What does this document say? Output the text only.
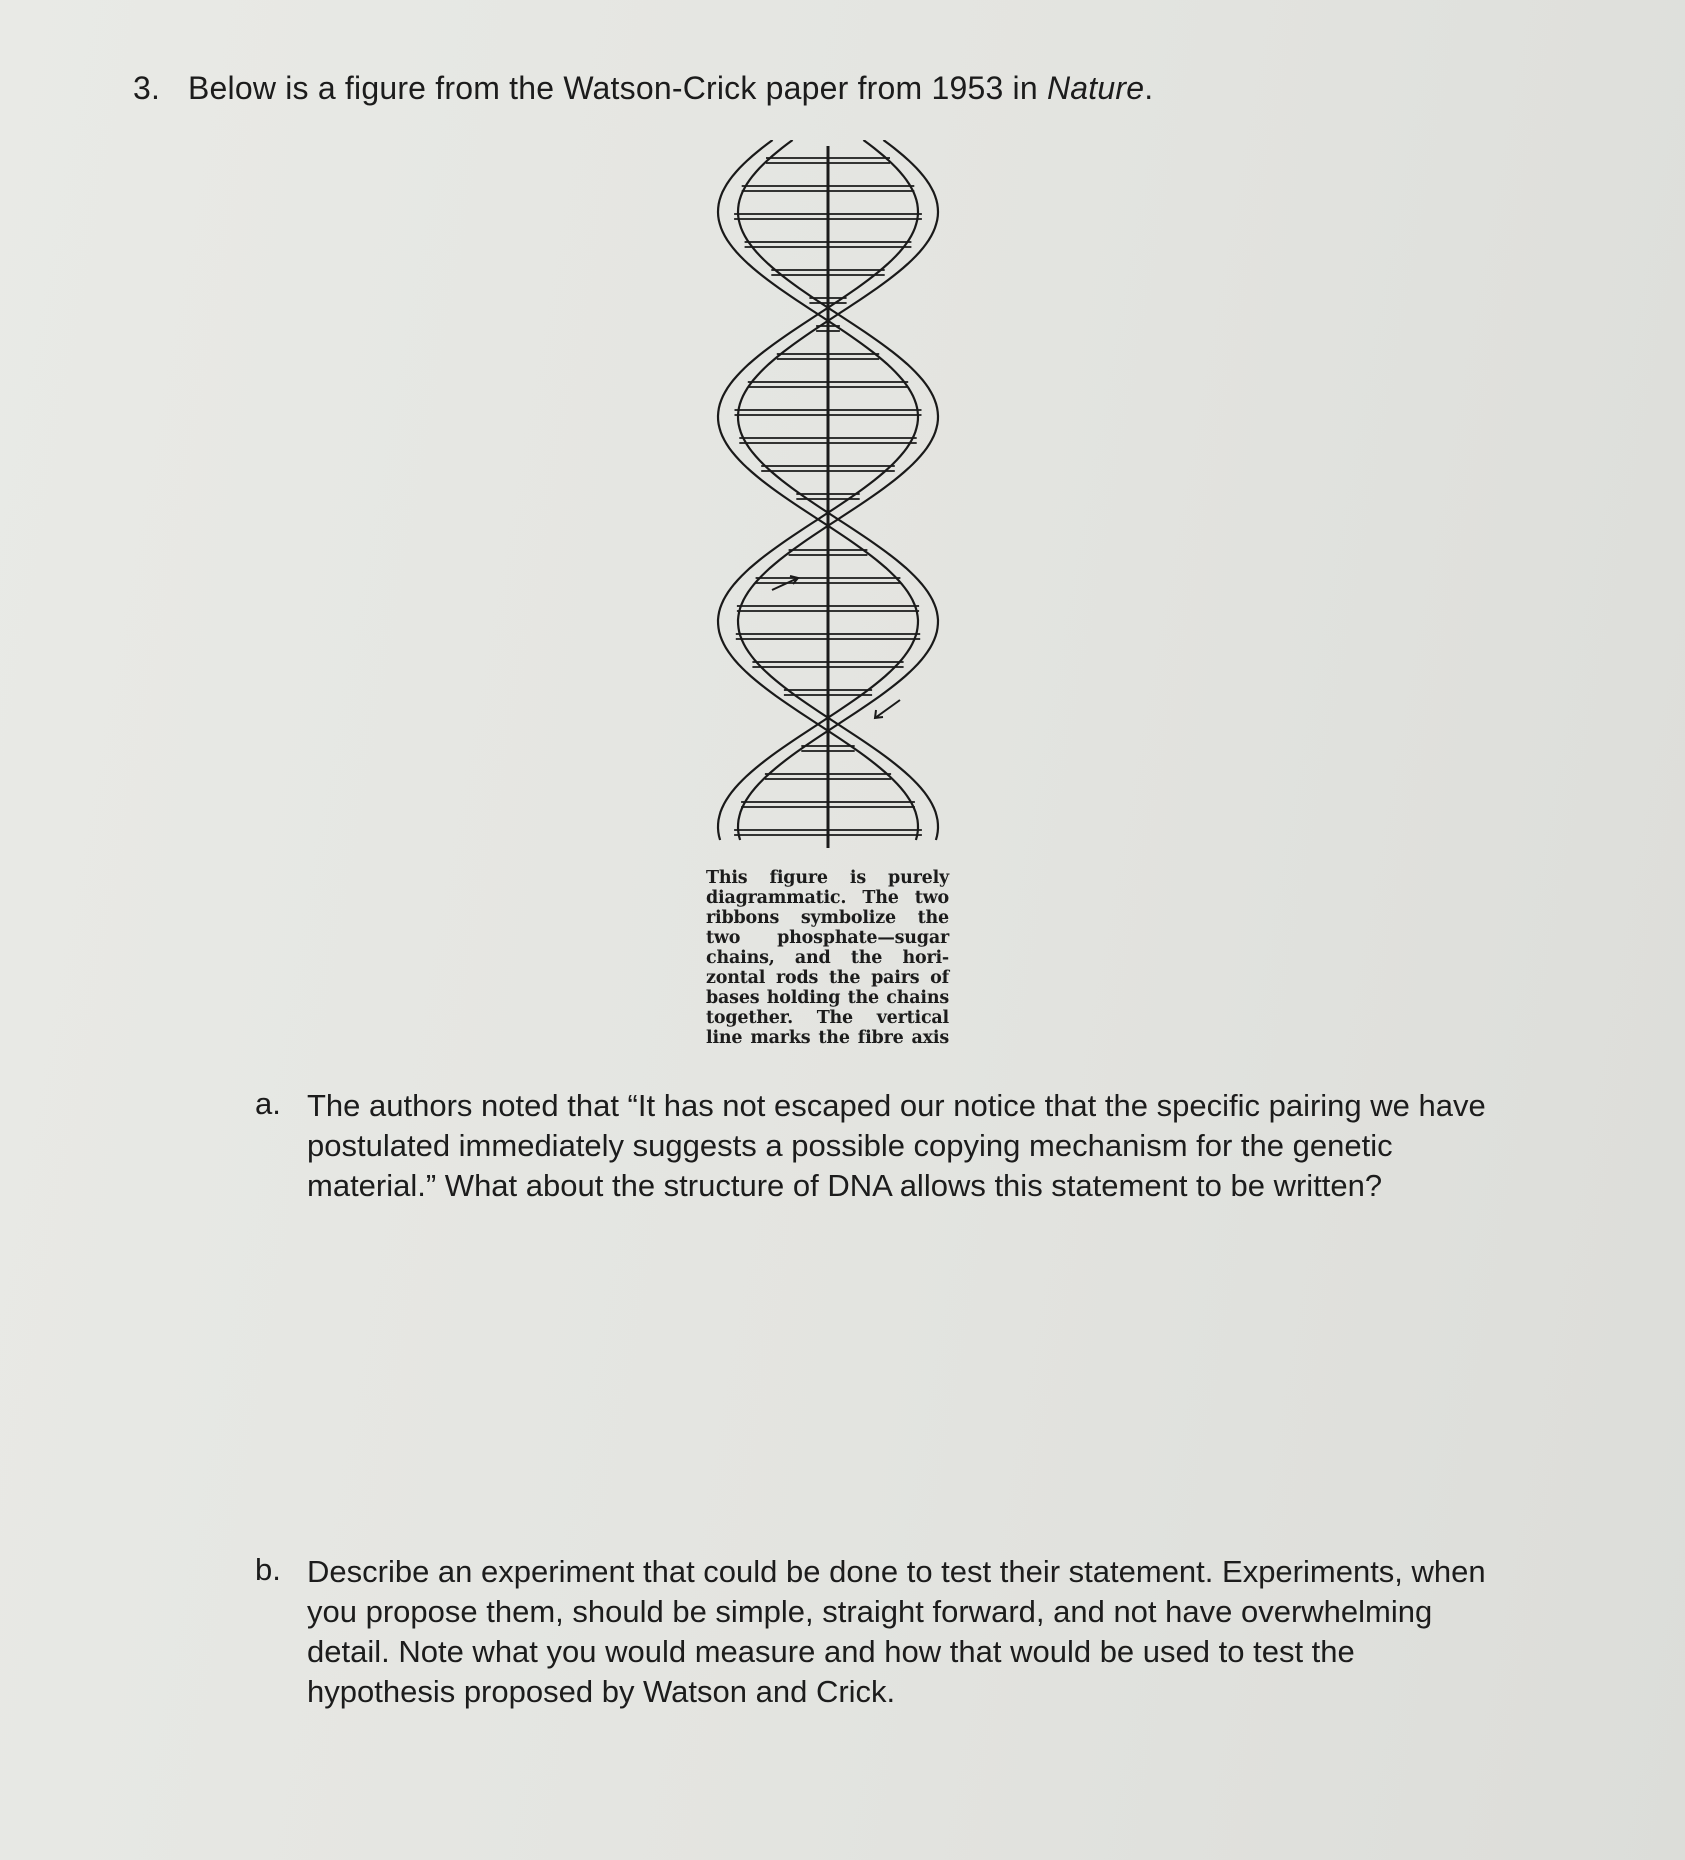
3. Below is a figure from the Watson-Crick paper from 1953 in Nature.
This figure is purely
diagrammatic. The two
ribbons symbolize the
two phosphate—sugar
chains, and the hori-
zontal rods the pairs of
bases holding the chains
together. The vertical
line marks the fibre axis
a. The authors noted that “It has not escaped our notice that the specific pairing we have
postulated immediately suggests a possible copying mechanism for the genetic
material.” What about the structure of DNA allows this statement to be written?
b. Describe an experiment that could be done to test their statement. Experiments, when
you propose them, should be simple, straight forward, and not have overwhelming
detail. Note what you would measure and how that would be used to test the
hypothesis proposed by Watson and Crick.
